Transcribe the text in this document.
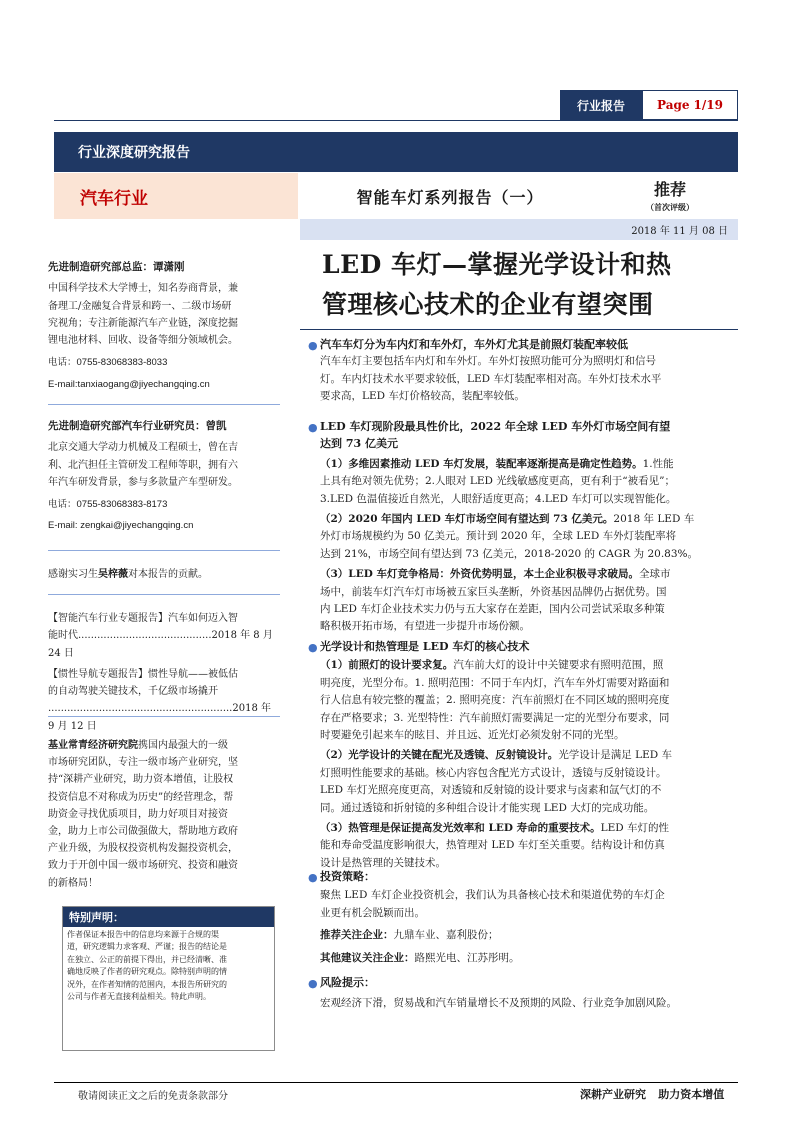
行业报告	Page 1/19
行业深度研究报告
汽车行业	智能车灯系列报告（一）	推荐
（首次评级）
2018 年 11 月 08 日
先进制造研究部总监：谭潇刚
中国科学技术大学博士，知名券商背景，兼
备理工/金融复合背景和跨一、二级市场研
究视角；专注新能源汽车产业链，深度挖掘
锂电池材料、回收、设备等细分领域机会。
电话：0755-83068383-8033
E-mail:tanxiaogang@jiyechangqing.cn
先进制造研究部汽车行业研究员：曾凯
北京交通大学动力机械及工程硕士，曾在吉
利、北汽担任主管研发工程师等职，拥有六
年汽车研发背景，参与多款量产车型研发。
电话：0755-83068383-8173
E-mail: zengkai@jiyechangqing.cn
感谢实习生吴梓薇对本报告的贡献。
【智能汽车行业专题报告】汽车如何迈入智
能时代..........................................2018 年 8 月 24 日
【惯性导航专题报告】惯性导航——被低估
的自动驾驶关键技术，千亿级市场撬开
..........................................................2018 年 9 月 12 日
基业常青经济研究院携国内最强大的一级
市场研究团队，专注一级市场产业研究，坚
持“深耕产业研究，助力资本增值，让股权
投资信息不对称成为历史”的经营理念，帮
助资金寻找优质项目，助力好项目对接资
金，助力上市公司做强做大，帮助地方政府
产业升级，为股权投资机构发掘投资机会，
致力于开创中国一级市场研究、投资和融资
的新格局！
特别声明：
作者保证本报告中的信息均来源于合规的渠
道，研究逻辑力求客观、严谨；报告的结论是
在独立、公正的前提下得出，并已经清晰、准
确地反映了作者的研究观点。除特别声明的情
况外，在作者知情的范围内，本报告所研究的
公司与作者无直接利益相关。特此声明。
LED 车灯—掌握光学设计和热
管理核心技术的企业有望突围
● 汽车车灯分为车内灯和车外灯，车外灯尤其是前照灯装配率较低
汽车车灯主要包括车内灯和车外灯。车外灯按照功能可分为照明灯和信号
灯。车内灯技术水平要求较低，LED 车灯装配率相对高。车外灯技术水平
要求高，LED 车灯价格较高，装配率较低。
● LED 车灯现阶段最具性价比，2022 年全球 LED 车外灯市场空间有望
达到 73 亿美元
（1）多维因素推动 LED 车灯发展，装配率逐渐提高是确定性趋势。1.性能
上具有绝对领先优势；2.人眼对 LED 光线敏感度更高，更有利于“被看见”；
3.LED 色温值接近自然光，人眼舒适度更高；4.LED 车灯可以实现智能化。
（2）2020 年国内 LED 车灯市场空间有望达到 73 亿美元。2018 年 LED 车
外灯市场规模约为 50 亿美元。预计到 2020 年，全球 LED 车外灯装配率将
达到 21%，市场空间有望达到 73 亿美元，2018-2020 的 CAGR 为 20.83%。
（3）LED 车灯竞争格局：外资优势明显，本土企业积极寻求破局。全球市
场中，前装车灯汽车灯市场被五家巨头垄断，外资基因品牌仍占据优势。国
内 LED 车灯企业技术实力仍与五大家存在差距，国内公司尝试采取多种策
略积极开拓市场，有望进一步提升市场份额。
● 光学设计和热管理是 LED 车灯的核心技术
（1）前照灯的设计要求复。汽车前大灯的设计中关键要求有照明范围，照
明亮度，光型分布。1. 照明范围：不同于车内灯，汽车车外灯需要对路面和
行人信息有较完整的覆盖；2. 照明亮度：汽车前照灯在不同区域的照明亮度
存在严格要求；3. 光型特性：汽车前照灯需要满足一定的光型分布要求，同
时要避免引起来车的眩目、并且远、近光灯必须发射不同的光型。
（2）光学设计的关键在配光及透镜、反射镜设计。光学设计是满足 LED 车
灯照明性能要求的基础。核心内容包含配光方式设计，透镜与反射镜设计。
LED 车灯光照亮度更高，对透镜和反射镜的设计要求与卤素和氙气灯的不
同。通过透镜和折射镜的多种组合设计才能实现 LED 大灯的完成功能。
（3）热管理是保证提高发光效率和 LED 寿命的重要技术。LED 车灯的性
能和寿命受温度影响很大，热管理对 LED 车灯至关重要。结构设计和仿真
设计是热管理的关键技术。
● 投资策略：
聚焦 LED 车灯企业投资机会，我们认为具备核心技术和渠道优势的车灯企
业更有机会脱颖而出。
推荐关注企业：九鼎车业、嘉利股份；
其他建议关注企业：路熙光电、江苏彤明。
● 风险提示：
宏观经济下滑，贸易战和汽车销量增长不及预期的风险、行业竞争加剧风险。
敬请阅读正文之后的免责条款部分	深耕产业研究    助力资本增值
